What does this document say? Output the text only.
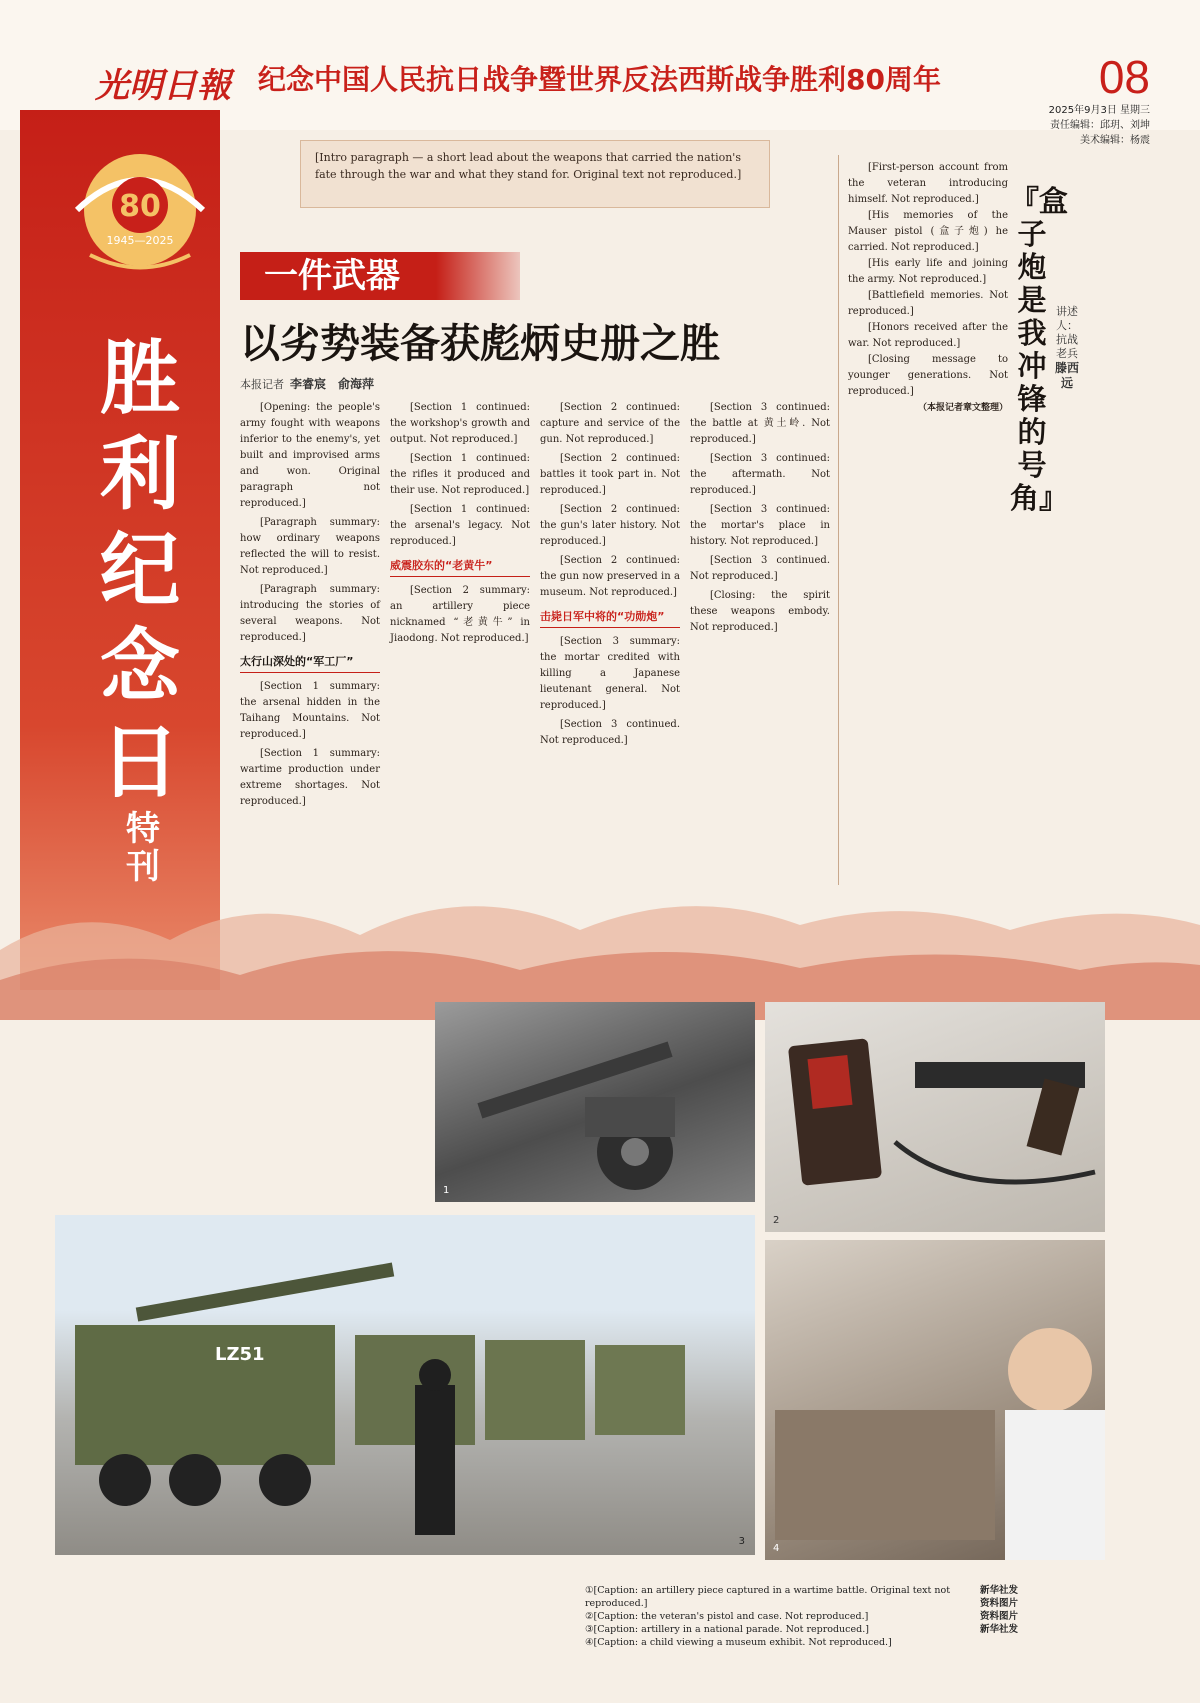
光明日報 纪念中国人民抗日战争暨世界反法西斯战争胜利80周年	08
2025年9月3日 星期三
责任编辑：邱玥、刘坤
美术编辑：杨震
80
1945—2025
胜
利
纪
念
日
特
刊
[Intro paragraph — a short lead about the weapons that carried the nation's fate through the war and what they stand for. Original text not reproduced.]
一件武器
以劣势装备获彪炳史册之胜
本报记者 李睿宸　俞海萍

[Opening: the people's army fought with weapons inferior to the enemy's, yet built and improvised arms and won. Original paragraph not reproduced.]

[Paragraph summary: how ordinary weapons reflected the will to resist. Not reproduced.]

[Paragraph summary: introducing the stories of several weapons. Not reproduced.]

太行山深处的“军工厂”

[Section 1 summary: the arsenal hidden in the Taihang Mountains. Not reproduced.]

[Section 1 summary: wartime production under extreme shortages. Not reproduced.]

[Section 1 continued: the workshop's growth and output. Not reproduced.]

[Section 1 continued: the rifles it produced and their use. Not reproduced.]

[Section 1 continued: the arsenal's legacy. Not reproduced.]

威震胶东的“老黄牛”

[Section 2 summary: an artillery piece nicknamed “老黄牛” in Jiaodong. Not reproduced.]

[Section 2 continued: capture and service of the gun. Not reproduced.]

[Section 2 continued: battles it took part in. Not reproduced.]

[Section 2 continued: the gun's later history. Not reproduced.]

[Section 2 continued: the gun now preserved in a museum. Not reproduced.]

击毙日军中将的“功勋炮”

[Section 3 summary: the mortar credited with killing a Japanese lieutenant general. Not reproduced.]

[Section 3 continued. Not reproduced.]

[Section 3 continued: the battle at 黄土岭. Not reproduced.]

[Section 3 continued: the aftermath. Not reproduced.]

[Section 3 continued: the mortar's place in history. Not reproduced.]

[Section 3 continued. Not reproduced.]

[Closing: the spirit these weapons embody. Not reproduced.]

[First-person account from the veteran introducing himself. Not reproduced.]

[His memories of the Mauser pistol (盒子炮) he carried. Not reproduced.]

[His early life and joining the army. Not reproduced.]

[Battlefield memories. Not reproduced.]

[Honors received after the war. Not reproduced.]

[Closing message to younger generations. Not reproduced.]

（本报记者章文整理）

『盒子炮是我冲锋的号角』
讲述人：抗战老兵
滕西远
1
2
LZ51
3
4
①[Caption: an artillery piece captured in a wartime battle. Original text not reproduced.]
②[Caption: the veteran's pistol and case. Not reproduced.]
③[Caption: artillery in a national parade. Not reproduced.]
④[Caption: a child viewing a museum exhibit. Not reproduced.]
新华社发
资料图片
资料图片
新华社发
